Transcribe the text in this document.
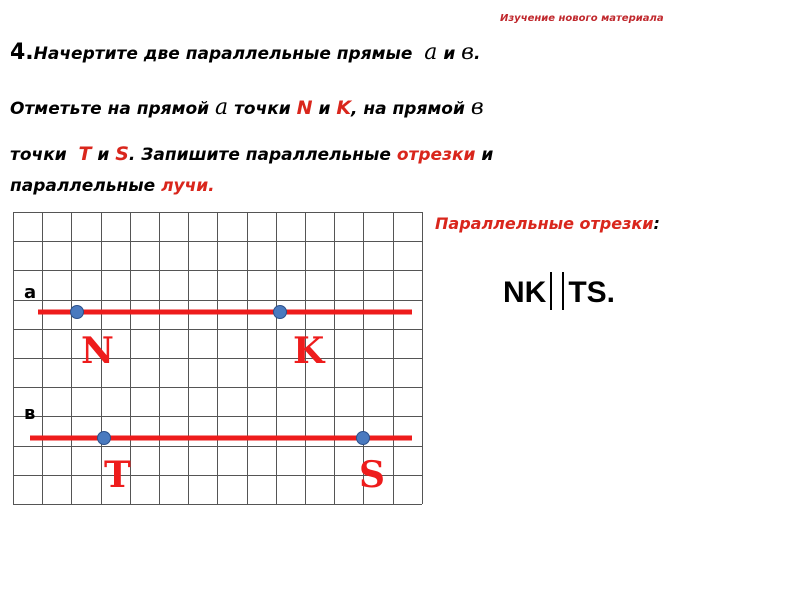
Изучение нового материала
4.Начертите две параллельные прямые a и в.
Отметьте на прямой a точки N и K, на прямой в
точки T и S. Запишите параллельные отрезки и
параллельные лучи.
а
в
N	K
T	S
Параллельные отрезки:
NK TS.
